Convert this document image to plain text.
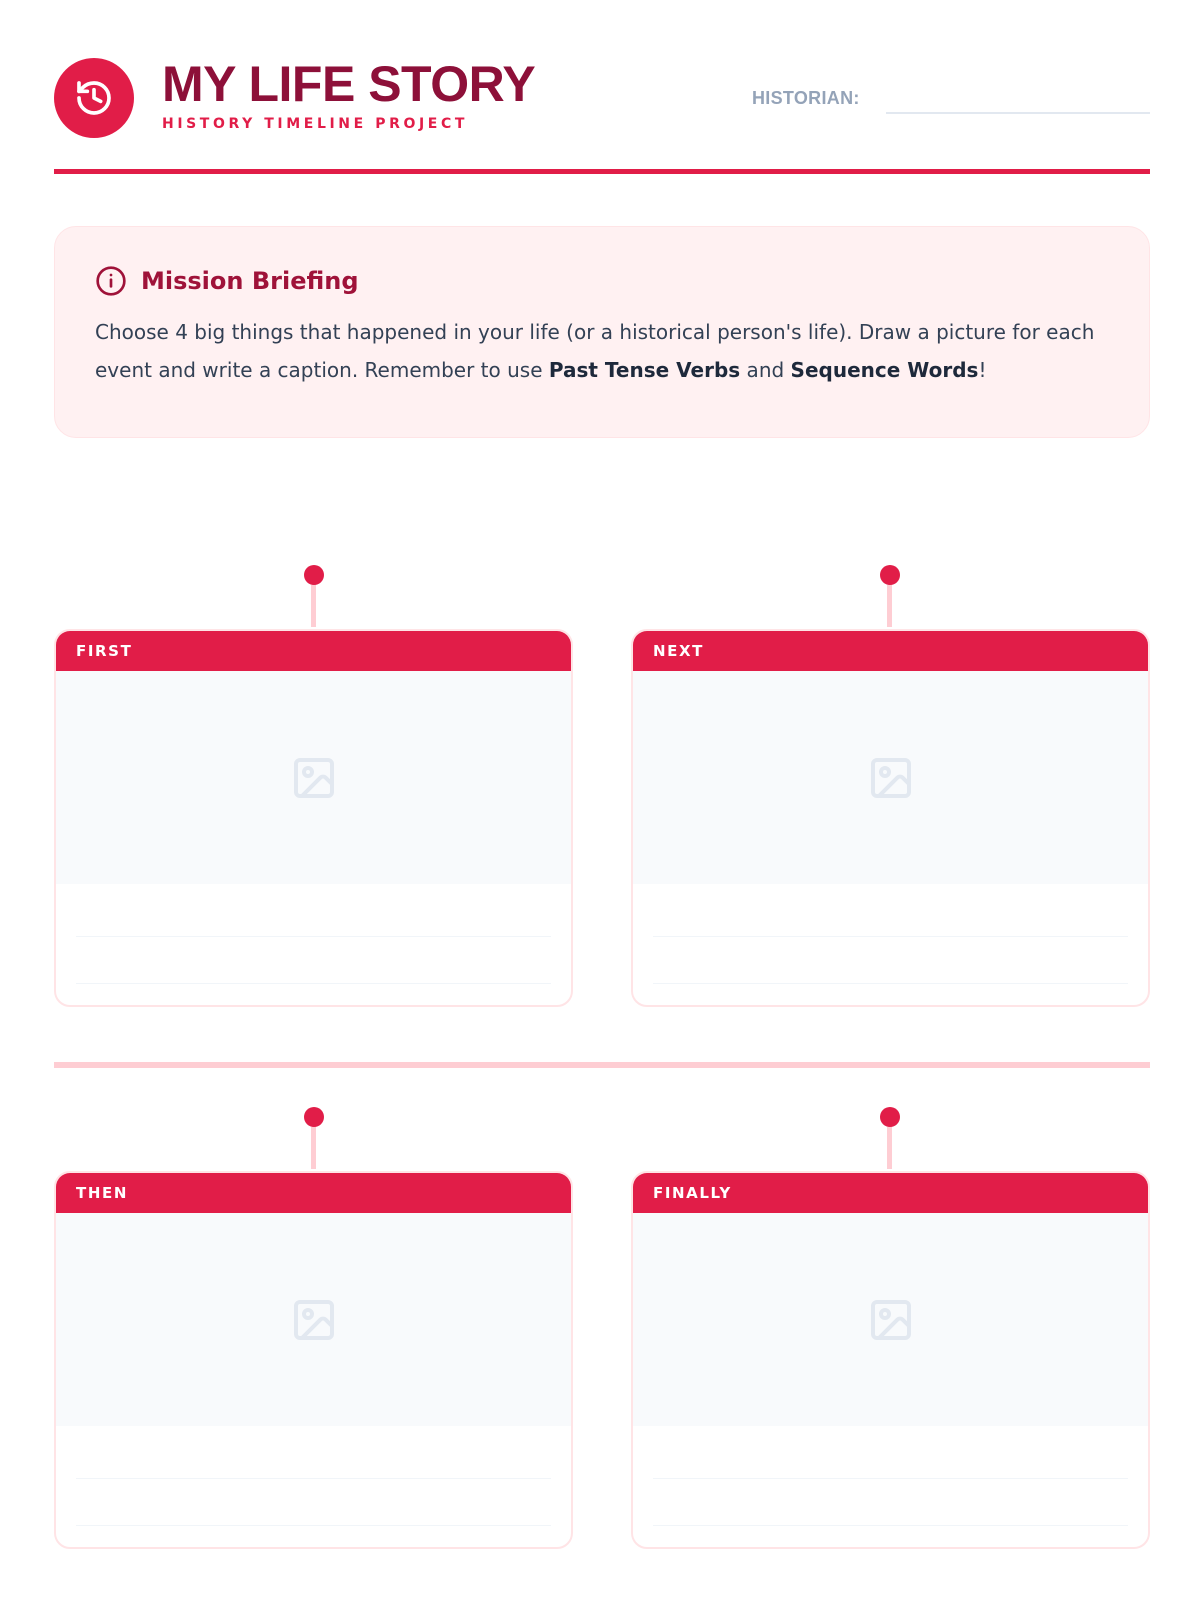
MY LIFE STORY
HISTORY TIMELINE PROJECT
HISTORIAN:
Mission Briefing

Choose 4 big things that happened in your life (or a historical person's life). Draw a picture for each event and write a caption. Remember to use Past Tense Verbs and Sequence Words!

FIRST	NEXT
THEN	FINALLY
